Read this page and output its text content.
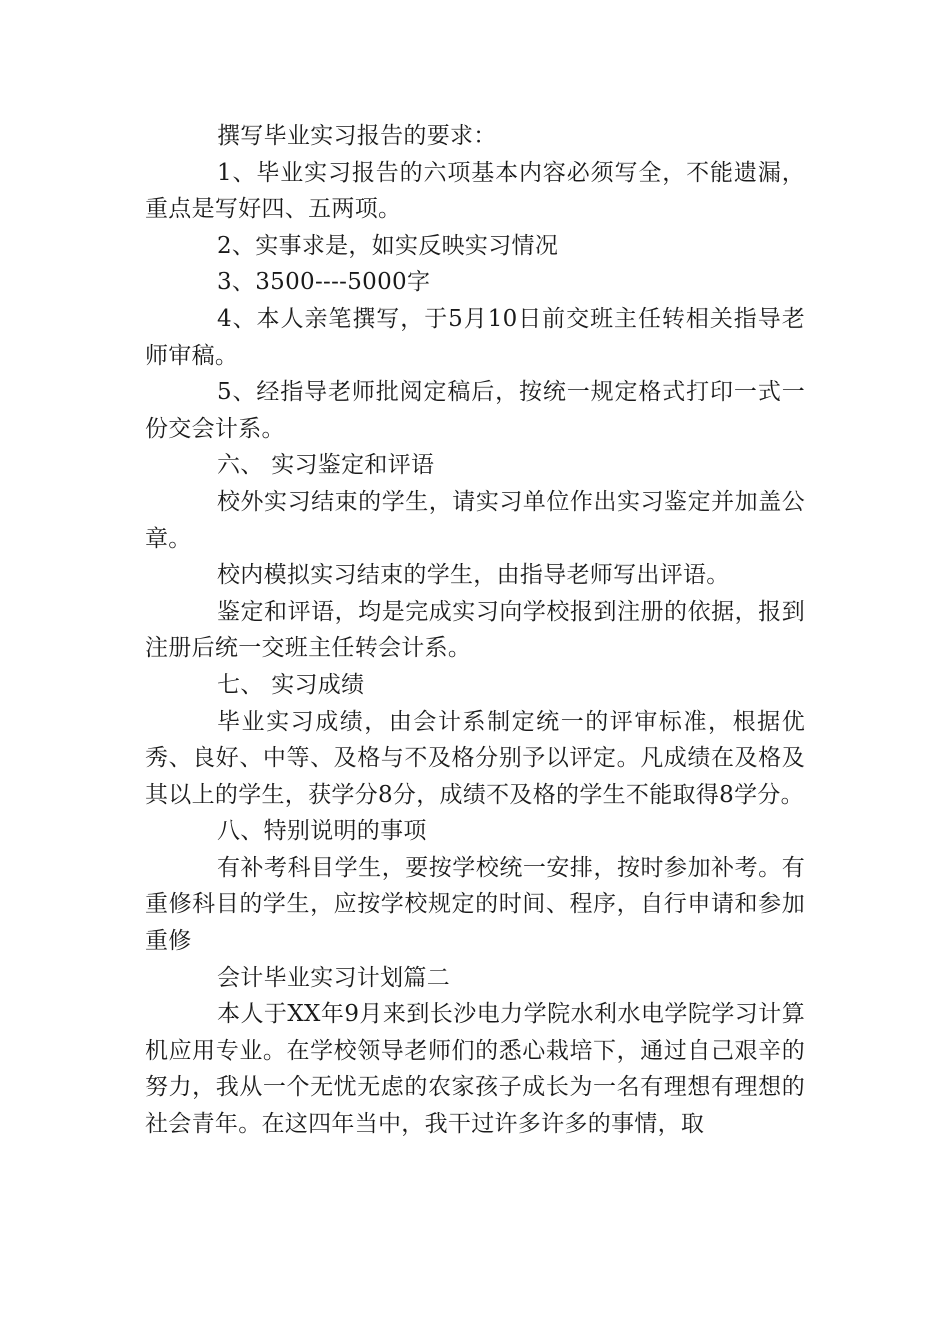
撰写毕业实习报告的要求：

1、毕业实习报告的六项基本内容必须写全，不能遗漏，重点是写好四、五两项。

2、实事求是，如实反映实习情况

3、3500----5000字

4、本人亲笔撰写，于5月10日前交班主任转相关指导老师审稿。

5、经指导老师批阅定稿后，按统一规定格式打印一式一份交会计系。

六、 实习鉴定和评语

校外实习结束的学生，请实习单位作出实习鉴定并加盖公章。

校内模拟实习结束的学生，由指导老师写出评语。

鉴定和评语，均是完成实习向学校报到注册的依据，报到注册后统一交班主任转会计系。

七、 实习成绩

毕业实习成绩，由会计系制定统一的评审标准，根据优秀、良好、中等、及格与不及格分别予以评定。凡成绩在及格及其以上的学生，获学分8分，成绩不及格的学生不能取得8学分。

八、特别说明的事项

有补考科目学生，要按学校统一安排，按时参加补考。有重修科目的学生，应按学校规定的时间、程序，自行申请和参加重修

会计毕业实习计划篇二

本人于XX年9月来到长沙电力学院水利水电学院学习计算机应用专业。在学校领导老师们的悉心栽培下，通过自己艰辛的努力，我从一个无忧无虑的农家孩子成长为一名有理想有理想的社会青年。在这四年当中，我干过许多许多的事情，取
